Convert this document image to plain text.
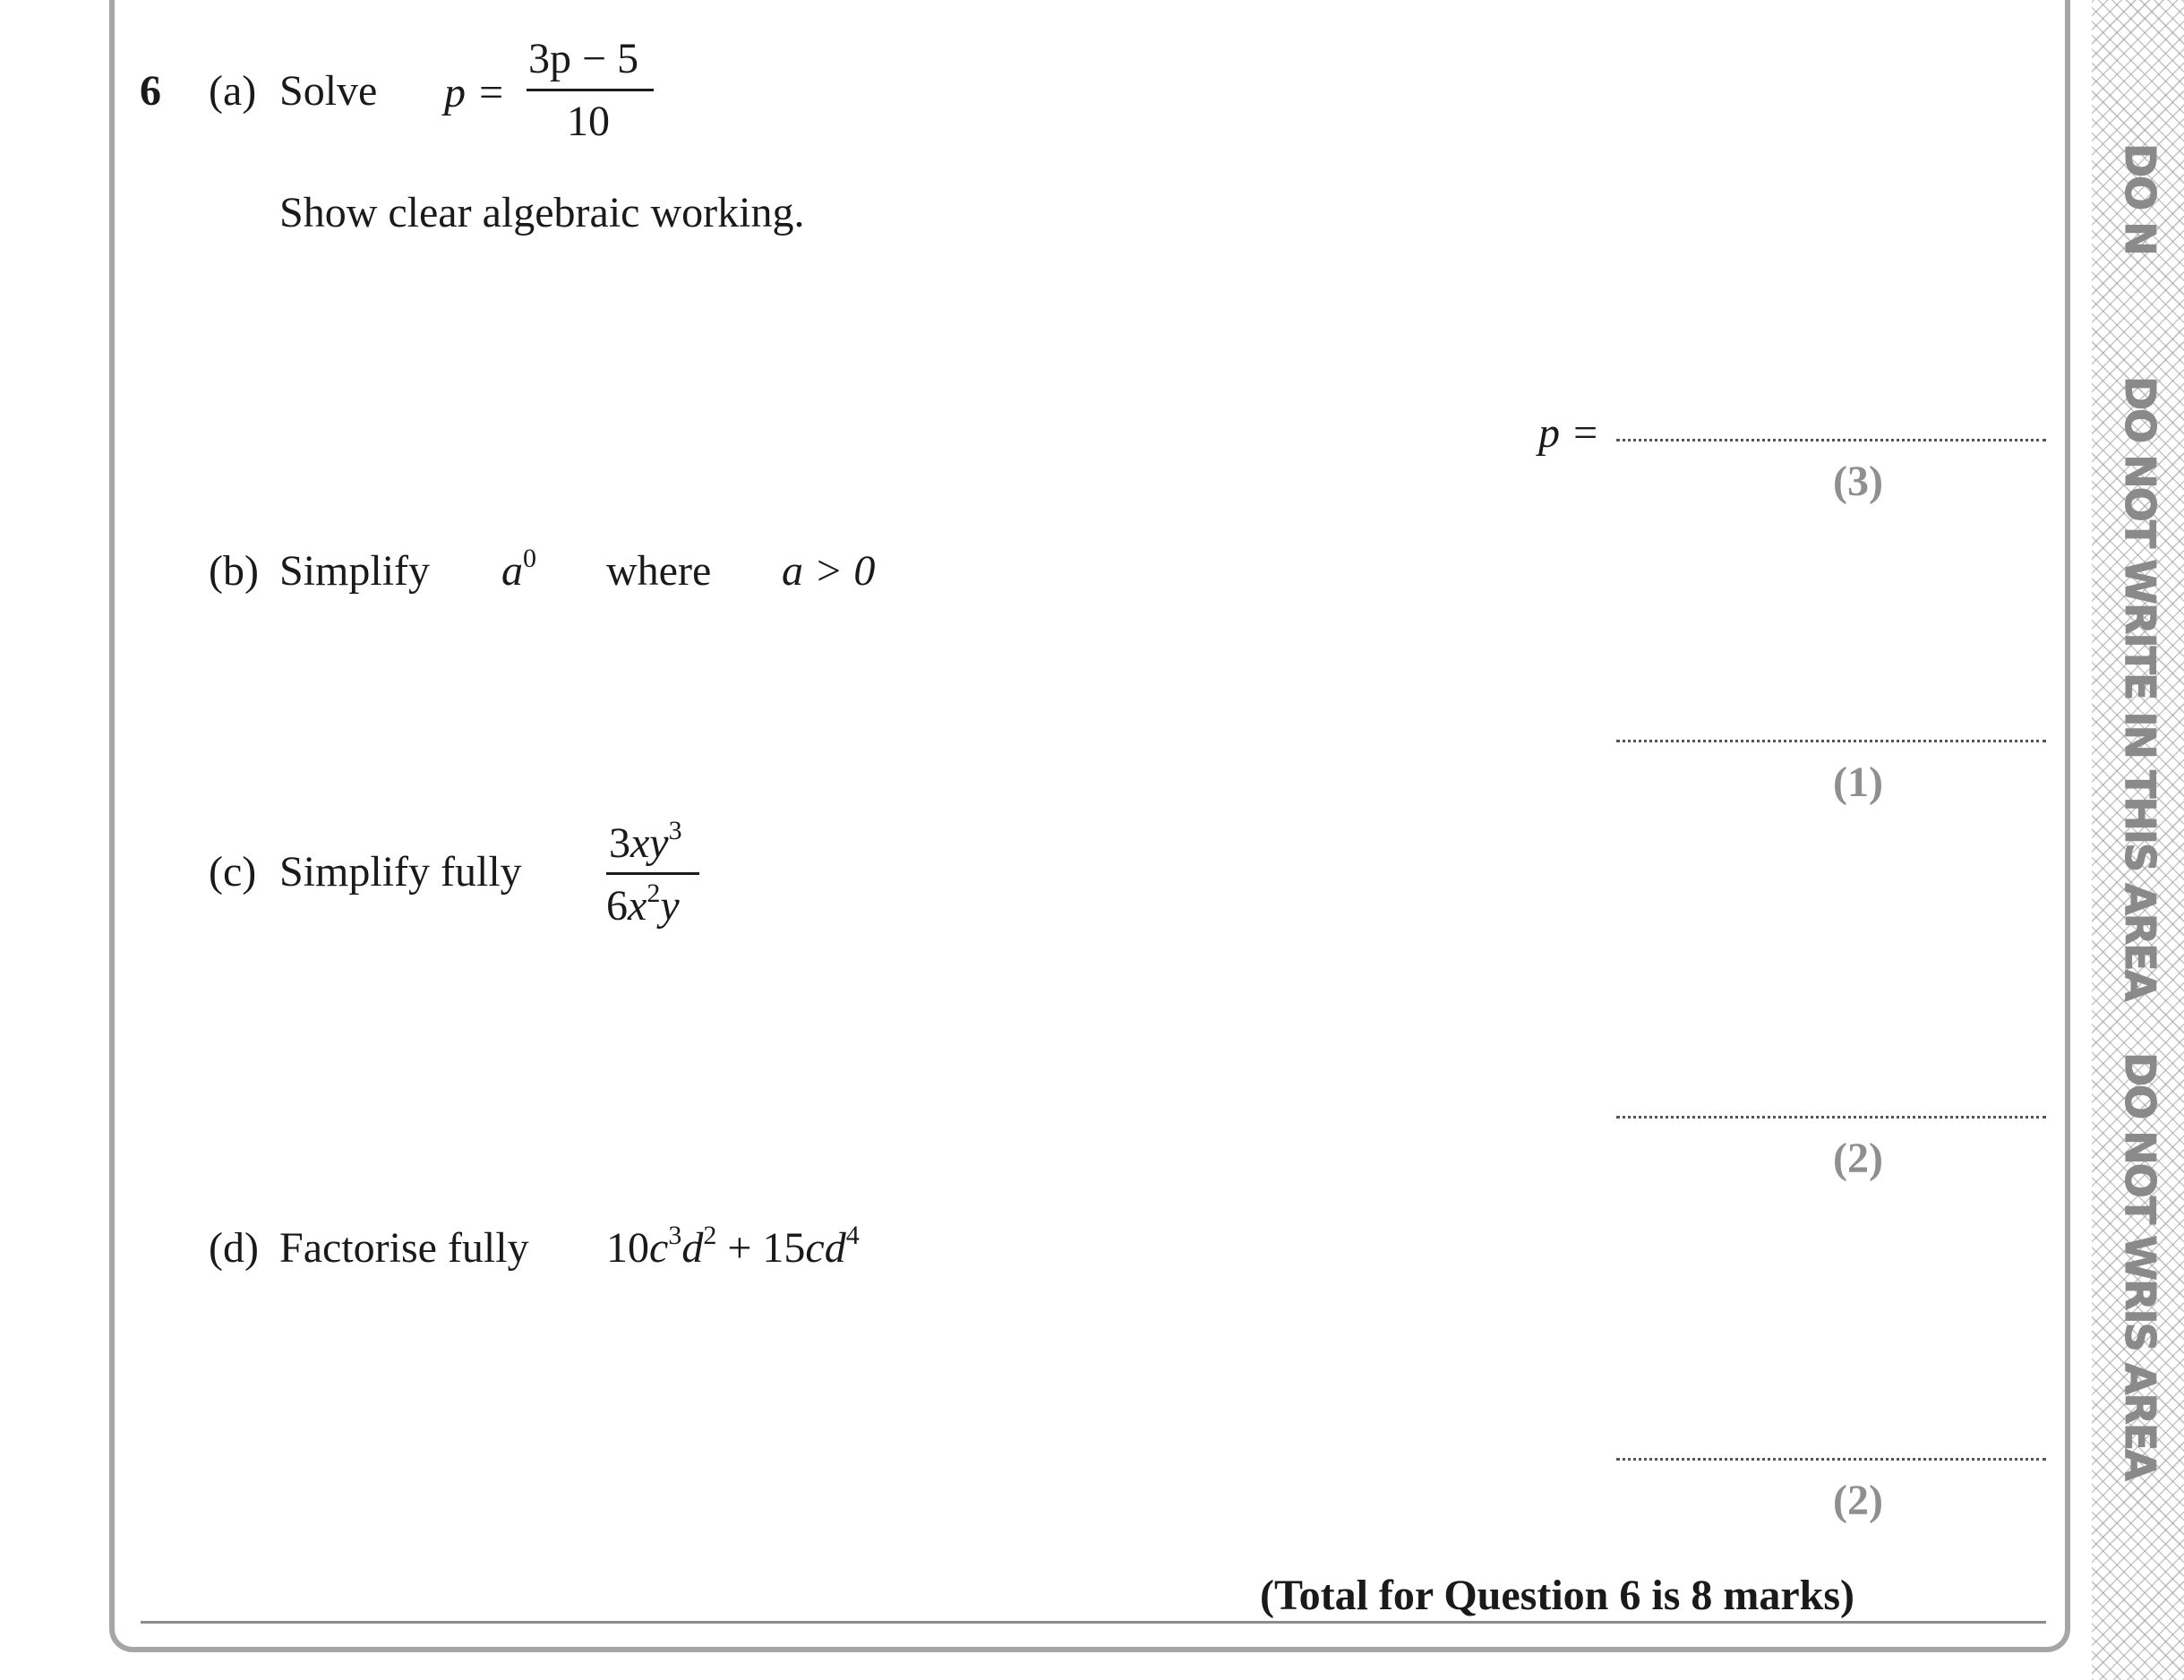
DO N
DO NOT WRITE IN THIS AREA
DO NOT WRIS AREA
6 (a) Solve p =
3p − 5
10
Show clear algebraic working.
p =
(3)
(b) Simplify $a^0$ where a > 0
(1)
(c) Simplify fully
$3xy^3$
$6x^2y$
(2)
(d) Factorise fully $10c^3d^2 + 15cd^4$
(2)
(Total for Question 6 is 8 marks)
